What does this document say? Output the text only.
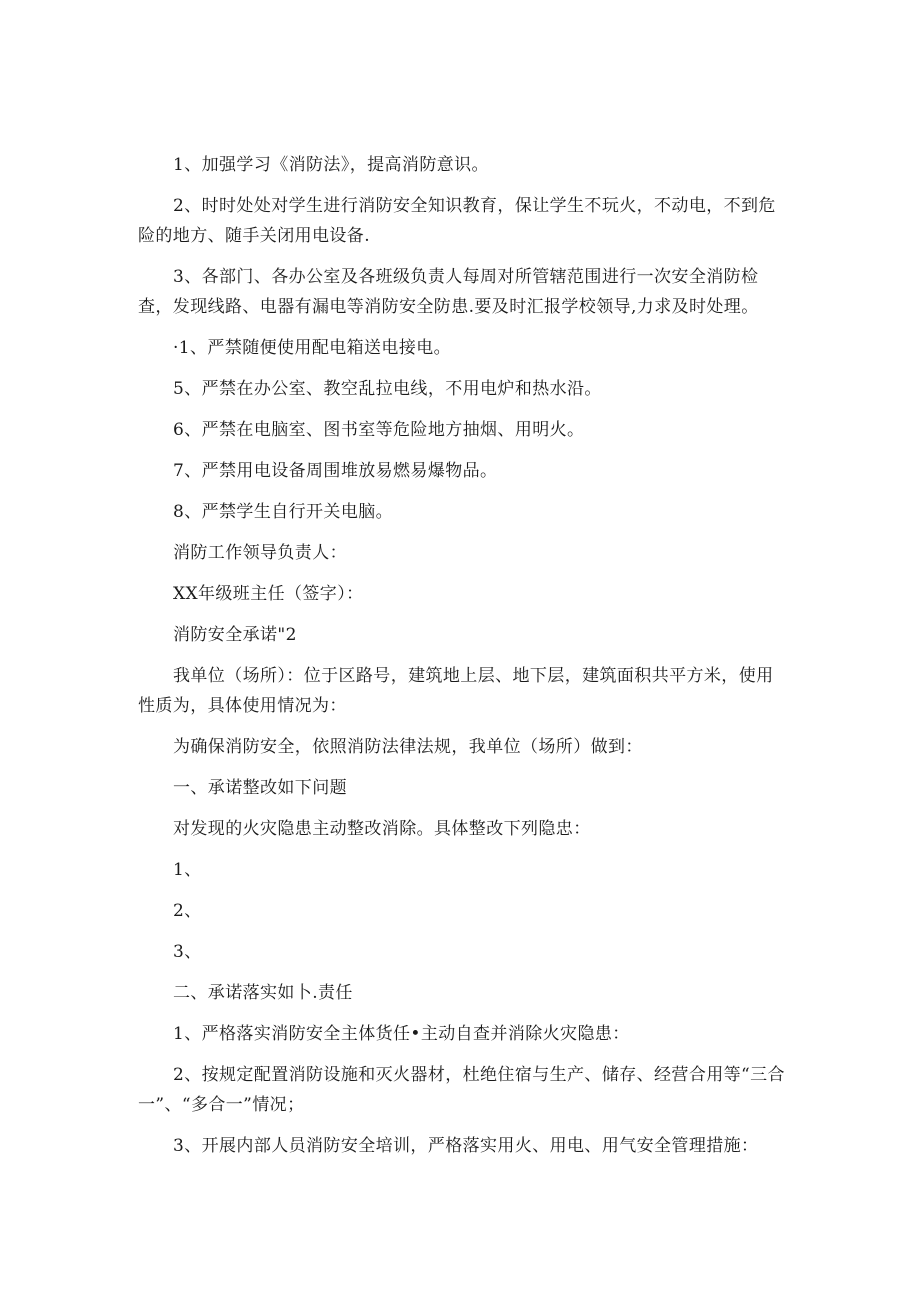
1、加强学习《消防法》，提高消防意识。

2、时时处处对学生进行消防安全知识教育，保让学生不玩火，不动电，不到危险的地方、随手关闭用电设备.

3、各部门、各办公室及各班级负责人每周对所管辖范围进行一次安全消防检查，发现线路、电器有漏电等消防安全防患.要及时汇报学校领导,力求及时处理。

·1、严禁随便使用配电箱送电接电。

5、严禁在办公室、教空乱拉电线，不用电炉和热水沿。

6、严禁在电脑室、图书室等危险地方抽烟、用明火。

7、严禁用电设备周围堆放易燃易爆物品。

8、严禁学生自行开关电脑。

消防工作领导负责人：

XX年级班主任（签字）：

消防安全承诺"2

我单位（场所）：位于区路号，建筑地上层、地下层，建筑面积共平方米，使用性质为，具体使用情况为：

为确保消防安全，依照消防法律法规，我单位（场所）做到：

一、承诺整改如下问题

对发现的火灾隐患主动整改消除。具体整改下列隐忠：

1、

2、

3、

二、承诺落实如卜.责任

1、严格落实消防安全主体货任•主动自查并消除火灾隐患：

2、按规定配置消防设施和灭火器材，杜绝住宿与生产、储存、经营合用等“三合一”、“多合一”情况；

3、开展内部人员消防安全培训，严格落实用火、用电、用气安全管理措施：
